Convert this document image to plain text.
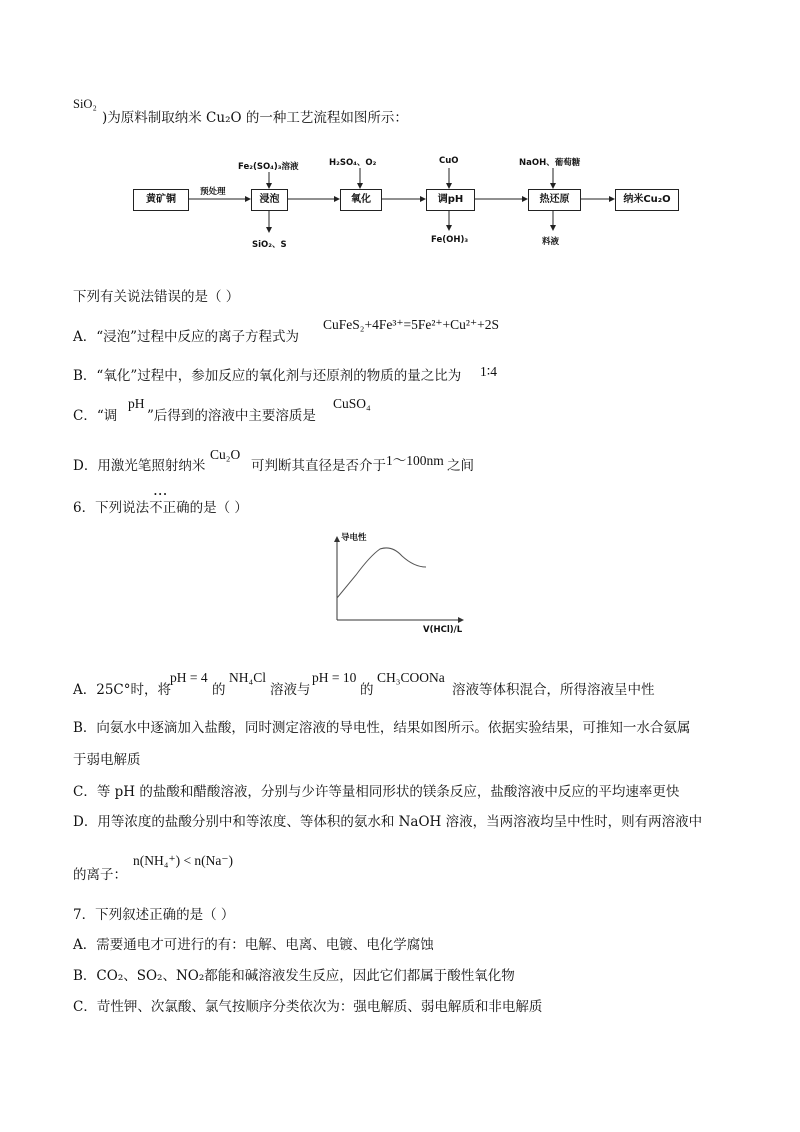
SiO₂
)为原料制取纳米 Cu₂O 的一种工艺流程如图所示：
黄矿铜	浸泡	氧化	调pH	热还原	纳米Cu₂O
预处理
Fe₂(SO₄)₃溶液	H₂SO₄、O₂	CuO	NaOH、葡萄糖
SiO₂、S	Fe(OH)₃	料液
下列有关说法错误的是（ ）
A．“浸泡”过程中反应的离子方程式为
CuFeS₂+4Fe³⁺=5Fe²⁺+Cu²⁺+2S
B．“氧化”过程中，参加反应的氧化剂与还原剂的物质的量之比为 1∶4
C．“调
pH
”后得到的溶液中主要溶质是
CuSO₄
D．用激光笔照射纳米
Cu₂O
可判断其直径是否介于 1～100nm 之间
• • •
6．下列说法不正确的是（ ）
导电性
V(HCl)/L
A．25C°时，将
pH = 4
的
NH₄Cl
溶液与
pH = 10
的
CH₃COONa
溶液等体积混合，所得溶液呈中性
B．向氨水中逐滴加入盐酸，同时测定溶液的导电性，结果如图所示。依据实验结果，可推知一水合氨属
于弱电解质
C．等 pH 的盐酸和醋酸溶液，分别与少许等量相同形状的镁条反应，盐酸溶液中反应的平均速率更快
D．用等浓度的盐酸分别中和等浓度、等体积的氨水和 NaOH 溶液，当两溶液均呈中性时，则有两溶液中
的离子：
n(NH₄⁺) < n(Na⁻)
7．下列叙述正确的是（ ）
A．需要通电才可进行的有：电解、电离、电镀、电化学腐蚀
B．CO₂、SO₂、NO₂都能和碱溶液发生反应，因此它们都属于酸性氧化物
C．苛性钾、次氯酸、氯气按顺序分类依次为：强电解质、弱电解质和非电解质
